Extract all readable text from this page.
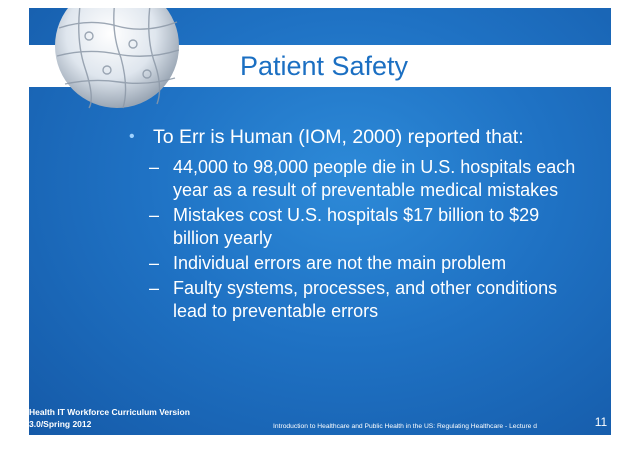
Patient Safety
• To Err is Human (IOM, 2000) reported that:
– 44,000 to 98,000 people die in U.S. hospitals each year as a result of preventable medical mistakes
– Mistakes cost U.S. hospitals $17 billion to $29 billion yearly
– Individual errors are not the main problem
– Faulty systems, processes, and other conditions lead to preventable errors
Health IT Workforce Curriculum Version 3.0/Spring 2012	Introduction to Healthcare and Public Health in the US: Regulating Healthcare - Lecture d	11
